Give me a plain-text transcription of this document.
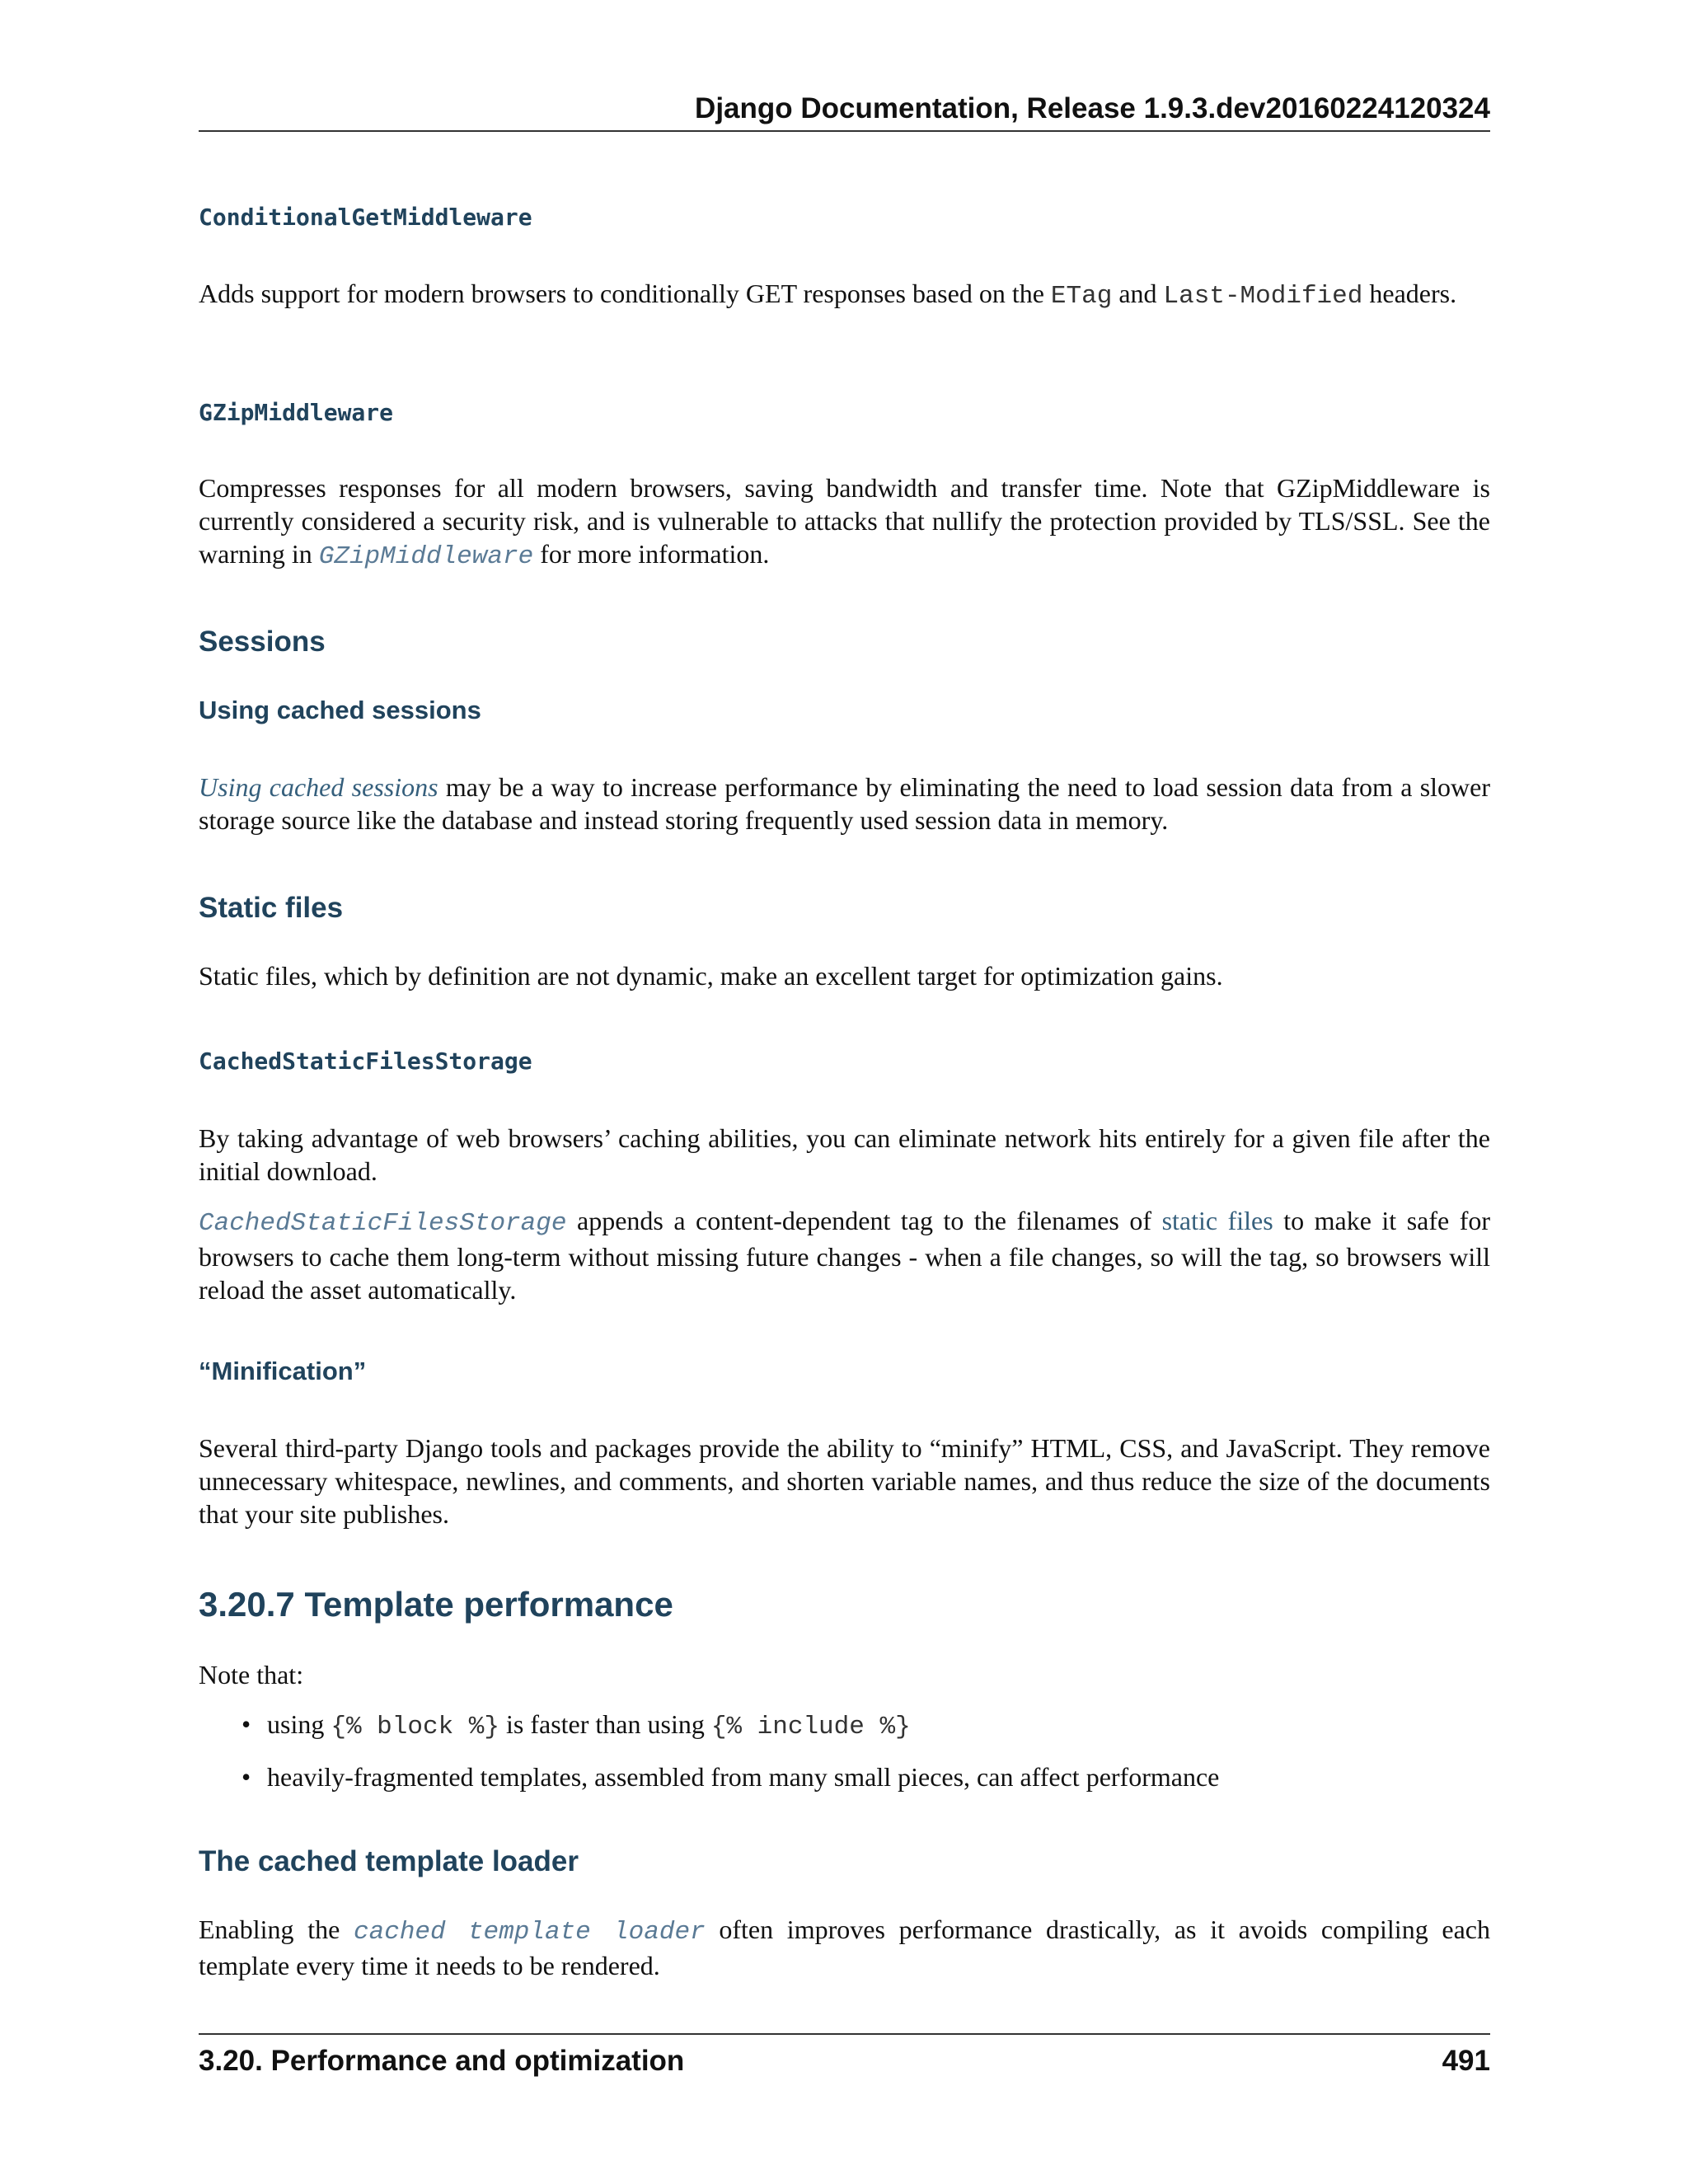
Django Documentation, Release 1.9.3.dev20160224120324
ConditionalGetMiddleware
Adds support for modern browsers to conditionally GET responses based on the ETag and Last-Modified headers.
GZipMiddleware
Compresses responses for all modern browsers, saving bandwidth and transfer time. Note that GZipMiddleware is currently considered a security risk, and is vulnerable to attacks that nullify the protection provided by TLS/SSL. See the warning in GZipMiddleware for more information.
Sessions
Using cached sessions
Using cached sessions may be a way to increase performance by eliminating the need to load session data from a slower storage source like the database and instead storing frequently used session data in memory.
Static files
Static files, which by definition are not dynamic, make an excellent target for optimization gains.
CachedStaticFilesStorage
By taking advantage of web browsers’ caching abilities, you can eliminate network hits entirely for a given file after the initial download.
CachedStaticFilesStorage appends a content-dependent tag to the filenames of static files to make it safe for browsers to cache them long-term without missing future changes - when a file changes, so will the tag, so browsers will reload the asset automatically.
“Minification”
Several third-party Django tools and packages provide the ability to “minify” HTML, CSS, and JavaScript. They remove unnecessary whitespace, newlines, and comments, and shorten variable names, and thus reduce the size of the documents that your site publishes.
3.20.7 Template performance
Note that:
• using {% block %} is faster than using {% include %}
• heavily-fragmented templates, assembled from many small pieces, can affect performance
The cached template loader
Enabling the cached template loader often improves performance drastically, as it avoids compiling each template every time it needs to be rendered.
3.20. Performance and optimization	491
